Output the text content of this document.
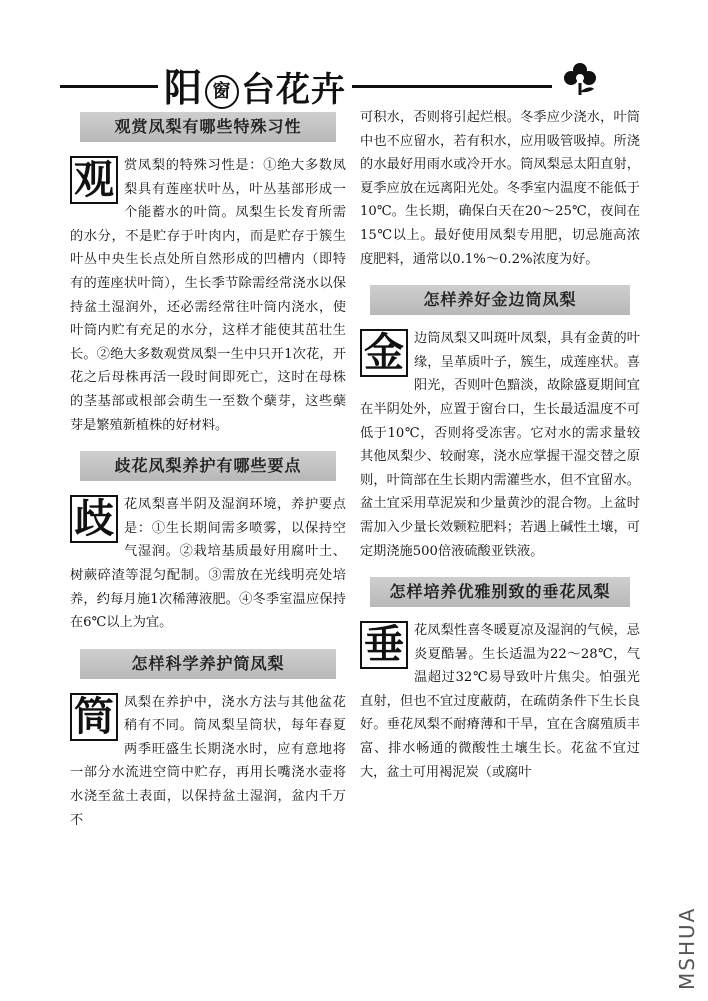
阳 窗 台花卉
观赏凤梨有哪些特殊习性

观 赏凤梨的特殊习性是：①绝大多数凤梨具有莲座状叶丛，叶丛基部形成一个能蓄水的叶筒。凤梨生长发育所需的水分，不是贮存于叶肉内，而是贮存于簇生叶丛中央生长点处所自然形成的凹槽内（即特有的莲座状叶筒），生长季节除需经常浇水以保持盆土湿润外，还必需经常往叶筒内浇水，使叶筒内贮有充足的水分，这样才能使其茁壮生长。②绝大多数观赏凤梨一生中只开1次花，开花之后母株再活一段时间即死亡，这时在母株的茎基部或根部会萌生一至数个蘖芽，这些蘖芽是繁殖新植株的好材料。

歧花凤梨养护有哪些要点

歧 花凤梨喜半阴及湿润环境，养护要点是：①生长期间需多喷雾，以保持空气湿润。②栽培基质最好用腐叶土、树蕨碎渣等混匀配制。③需放在光线明亮处培养，约每月施1次稀薄液肥。④冬季室温应保持在6℃以上为宜。

怎样科学养护筒凤梨

筒 凤梨在养护中，浇水方法与其他盆花稍有不同。筒凤梨呈筒状，每年春夏两季旺盛生长期浇水时，应有意地将一部分水流进空筒中贮存，再用长嘴浇水壶将水浇至盆土表面，以保持盆土湿润，盆内千万不

可积水，否则将引起烂根。冬季应少浇水，叶筒中也不应留水，若有积水，应用吸管吸掉。所浇的水最好用雨水或冷开水。筒凤梨忌太阳直射，夏季应放在远离阳光处。冬季室内温度不能低于10℃。生长期，确保白天在20～25℃，夜间在15℃以上。最好使用凤梨专用肥，切忌施高浓度肥料，通常以0.1%～0.2%浓度为好。

怎样养好金边筒凤梨

金 边筒凤梨又叫斑叶凤梨，具有金黄的叶缘，呈革质叶子，簇生，成莲座状。喜阳光，否则叶色黯淡，故除盛夏期间宜在半阴处外，应置于窗台口，生长最适温度不可低于10℃，否则将受冻害。它对水的需求量较其他凤梨少、较耐寒，浇水应掌握干湿交替之原则，叶筒部在生长期内需灌些水，但不宜留水。盆土宜采用草泥炭和少量黄沙的混合物。上盆时需加入少量长效颗粒肥料；若遇上碱性土壤，可定期浇施500倍液硫酸亚铁液。

怎样培养优雅别致的垂花凤梨

垂 花凤梨性喜冬暖夏凉及湿润的气候，忌炎夏酷暑。生长适温为22～28℃，气温超过32℃易导致叶片焦尖。怕强光直射，但也不宜过度蔽荫，在疏荫条件下生长良好。垂花凤梨不耐瘠薄和干旱，宜在含腐殖质丰富、排水畅通的微酸性土壤生长。花盆不宜过大，盆土可用褐泥炭（或腐叶

MSHUA
